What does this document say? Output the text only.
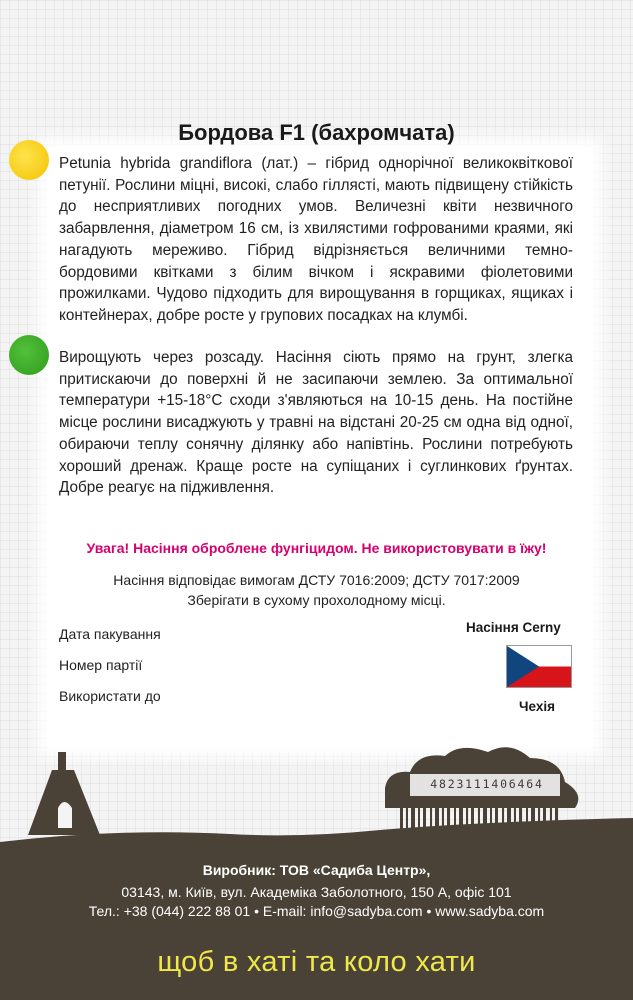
Бордова F1 (бахромчата)

Petunia hybrida grandiflora (лат.) – гібрид однорічної великоквіткової петунії. Рослини міцні, високі, слабо гіллясті, мають підвищену стійкість до несприятливих погодних умов. Величезні квіти незвичного забарвлення, діаметром 16 см, із хвилястими гофрованими краями, які нагадують мереживо. Гібрид відрізняється величними темно-бордовими квітками з білим вічком і яскравими фіолетовими прожилками. Чудово підходить для вирощування в горщиках, ящиках і контейнерах, добре росте у групових посадках на клумбі.

Вирощують через розсаду. Насіння сіють прямо на грунт, злегка притискаючи до поверхні й не засипаючи землею. За оптимальної температури +15-18°С сходи з'являються на 10-15 день. На постійне місце рослини висаджують у травні на відстані 20-25 см одна від одної, обираючи теплу сонячну ділянку або напівтінь. Рослини потребують хороший дренаж. Краще росте на супіщаних і суглинкових ґрунтах. Добре реагує на підживлення.

Увага! Насіння оброблене фунгіцидом. Не використовувати в їжу!

Насіння відповідає вимогам ДСТУ 7016:2009; ДСТУ 7017:2009

Зберігати в сухому прохолодному місці.

Дата пакування

Номер партії

Використати до

Насіння Cerny
Чехія
4823111406464

Виробник: ТОВ «Садиба Центр»,

03143, м. Київ, вул. Академіка Заболотного, 150 А, офіс 101

Тел.: +38 (044) 222 88 01 • E-mail: info@sadyba.com • www.sadyba.com

щоб в хаті та коло хати
